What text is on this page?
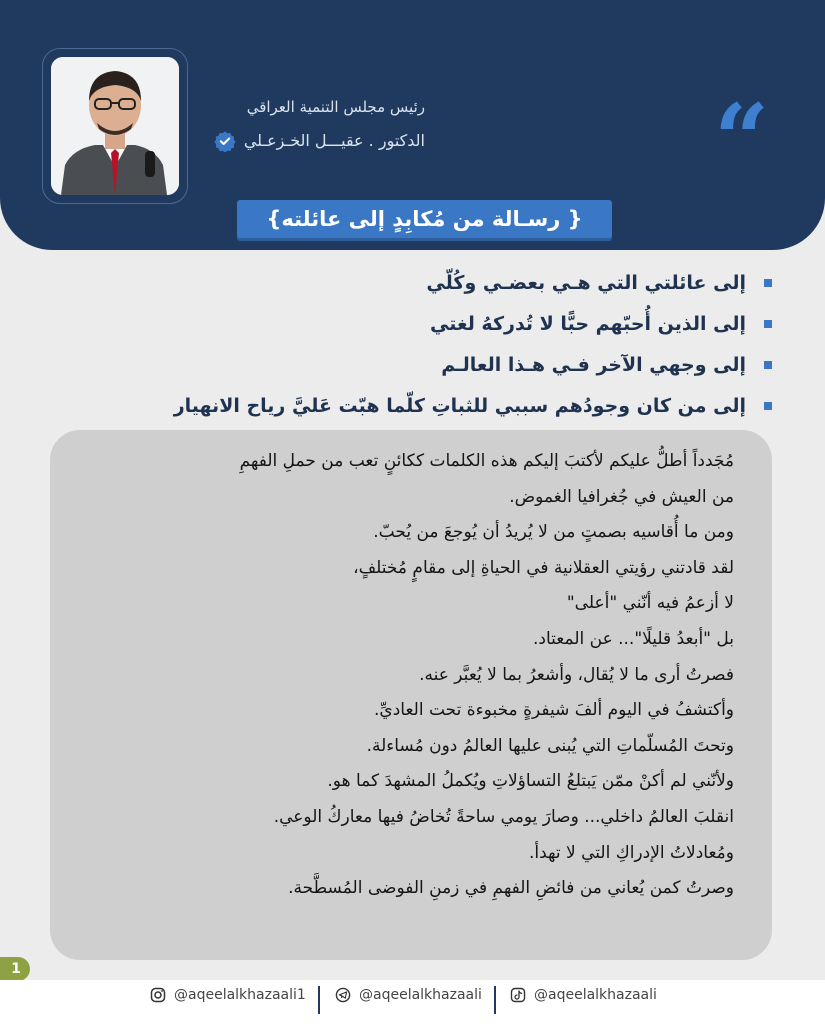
“
رئيس مجلس التنمية العراقي
الدكتور . عقيـــل الخـزعـلي
{ رسـالة من مُكابِدٍ إلى عائلته}
إلى عائلتي التي هـي بعضـي وكُلّي
إلى الذين أُحبّهم حبًّا لا تُدركهُ لغتي
إلى وجهي الآخر فـي هـذا العالـم
إلى من كان وجودُهم سببي للثباتِ كلّما هبّت عَليَّ رياح الانهيار
مُجَدداً أطلُّ عليكم لأكتبَ إليكم هذه الكلمات ككائنٍ تعب من حملِ الفهمِ
من العيش في جُغرافيا الغموض.
ومن ما أُقاسيه بصمتٍ من لا يُريدُ أن يُوجعَ من يُحبّ.
لقد قادتني رؤيتي العقلانية في الحياةِ إلى مقامٍ مُختلفٍ،
لا أزعمُ فيه أنّني "أعلى"
بل "أبعدُ قليلًا"... عن المعتاد.
فصرتُ أرى ما لا يُقال، وأشعرُ بما لا يُعبَّر عنه.
وأكتشفُ في اليوم ألفَ شيفرةٍ مخبوءة تحت العاديِّ.
وتحتَ المُسلّماتِ التي يُبنى عليها العالمُ دون مُساءلة.
ولأنّني لم أكنْ ممّن يَبتلعُ التساؤلاتِ ويُكملُ المشهدَ كما هو.
انقلبَ العالمُ داخلي... وصارَ يومي ساحةً تُخاضُ فيها معاركُ الوعي.
ومُعادلاتُ الإدراكِ التي لا تهدأ.
وصرتُ كمن يُعاني من فائضِ الفهمِ في زمنِ الفوضى المُسطَّحة.
1
@aqeelalkhazaali1	@aqeelalkhazaali	@aqeelalkhazaali
